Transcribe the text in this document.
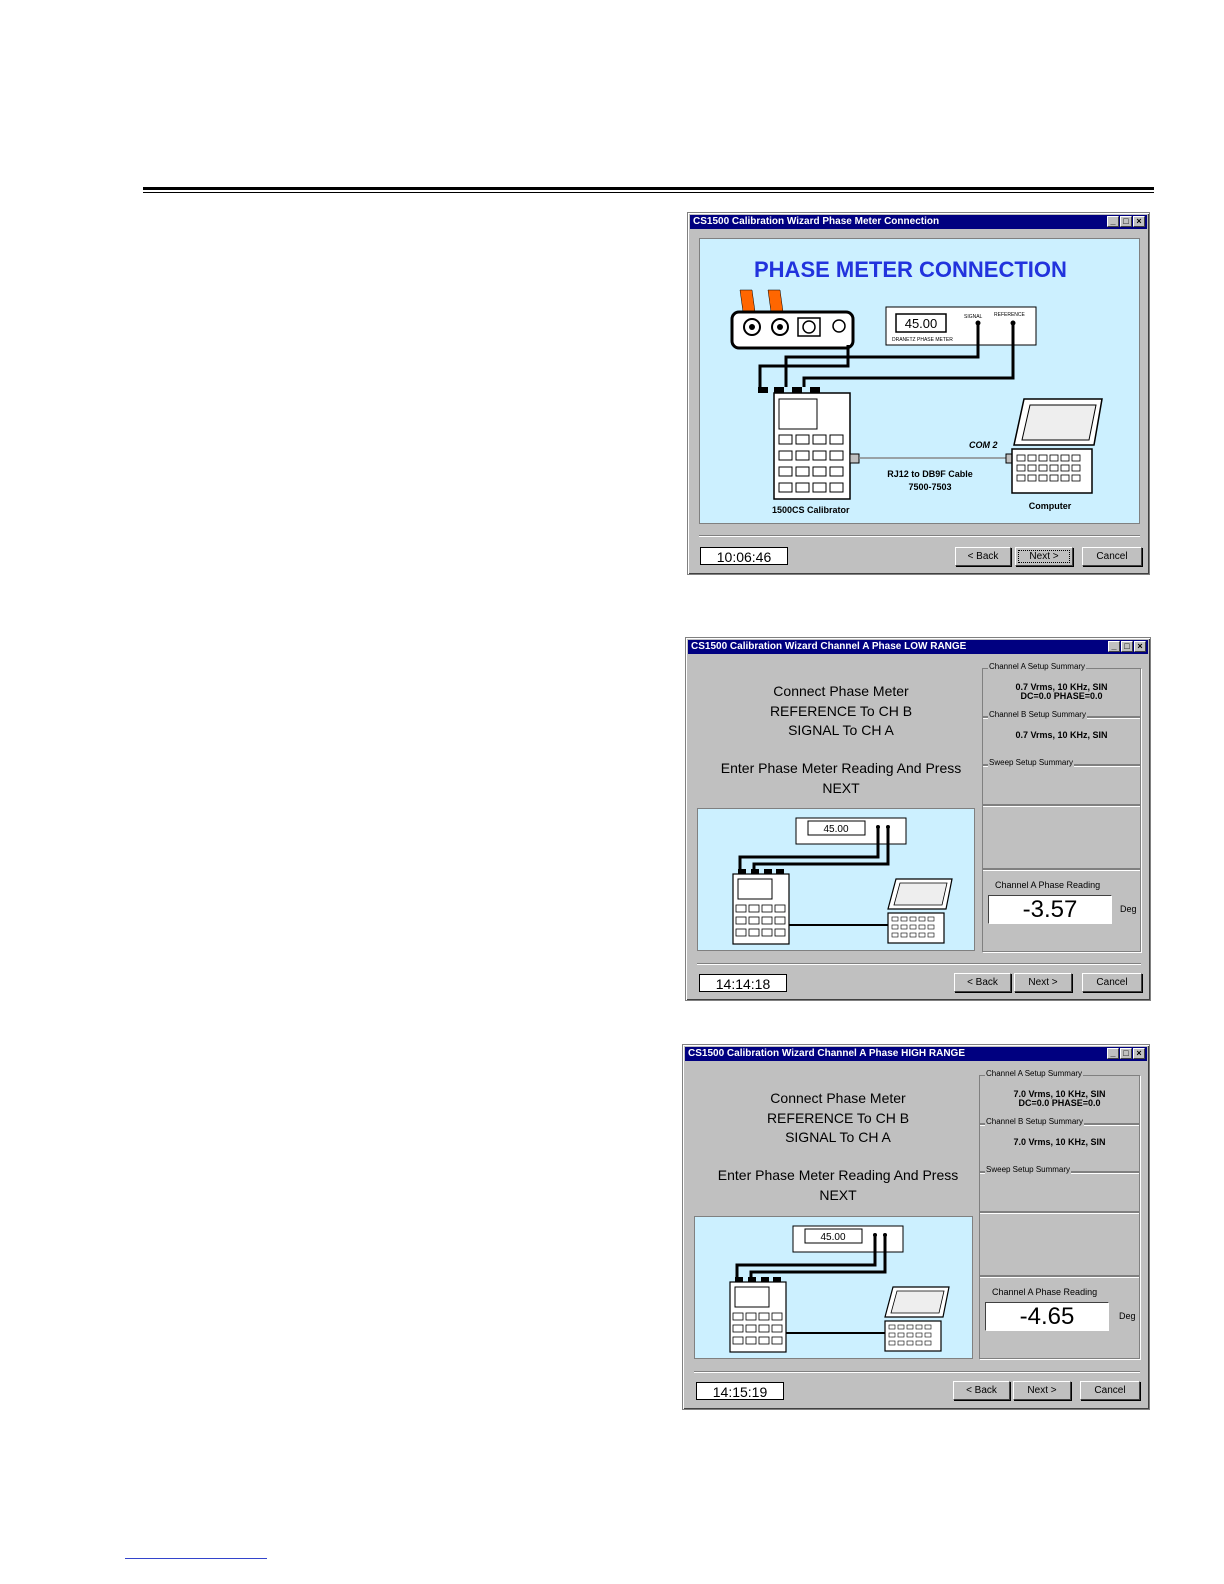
CS1500 Calibration Wizard Phase Meter Connection	_ □ ×
PHASE METER CONNECTION
45.00
DRANETZ PHASE METER
SIGNAL REFERENCE
1500CS Calibrator
COM 2
RJ12 to DB9F Cable
7500-7503
Computer
10:06:46	< Back	Next >	Cancel
CS1500 Calibration Wizard Channel A Phase LOW RANGE	_ □ ×
Connect Phase Meter
REFERENCE To CH B
SIGNAL To CH A
Enter Phase Meter Reading And Press
NEXT
45.00
Channel A Setup Summary
0.7 Vrms, 10 KHz, SIN
DC=0.0 PHASE=0.0
Channel B Setup Summary
0.7 Vrms, 10 KHz, SIN
Sweep Setup Summary
Channel A Phase Reading
-3.57	Deg
14:14:18	< Back	Next >	Cancel
CS1500 Calibration Wizard Channel A Phase HIGH RANGE	_ □ ×
Connect Phase Meter
REFERENCE To CH B
SIGNAL To CH A
Enter Phase Meter Reading And Press
NEXT
45.00
Channel A Setup Summary
7.0 Vrms, 10 KHz, SIN
DC=0.0 PHASE=0.0
Channel B Setup Summary
7.0 Vrms, 10 KHz, SIN
Sweep Setup Summary
Channel A Phase Reading
-4.65	Deg
14:15:19	< Back	Next >	Cancel
